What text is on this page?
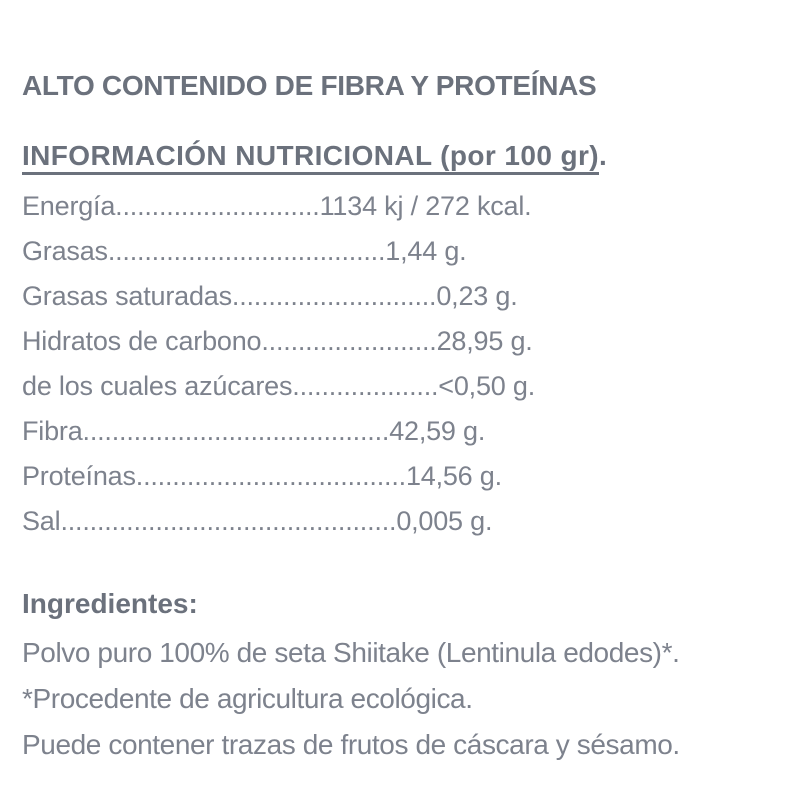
ALTO CONTENIDO DE FIBRA Y PROTEÍNAS
INFORMACIÓN NUTRICIONAL (por 100 gr).
Energía............................1134 kj / 272 kcal.
Grasas......................................1,44 g.
Grasas saturadas............................0,23 g.
Hidratos de carbono........................28,95 g.
de los cuales azúcares....................<0,50 g.
Fibra..........................................42,59 g.
Proteínas.....................................14,56 g.
Sal..............................................0,005 g.
Ingredientes:

Polvo puro 100% de seta Shiitake (Lentinula edodes)*.

*Procedente de agricultura ecológica.

Puede contener trazas de frutos de cáscara y sésamo.
